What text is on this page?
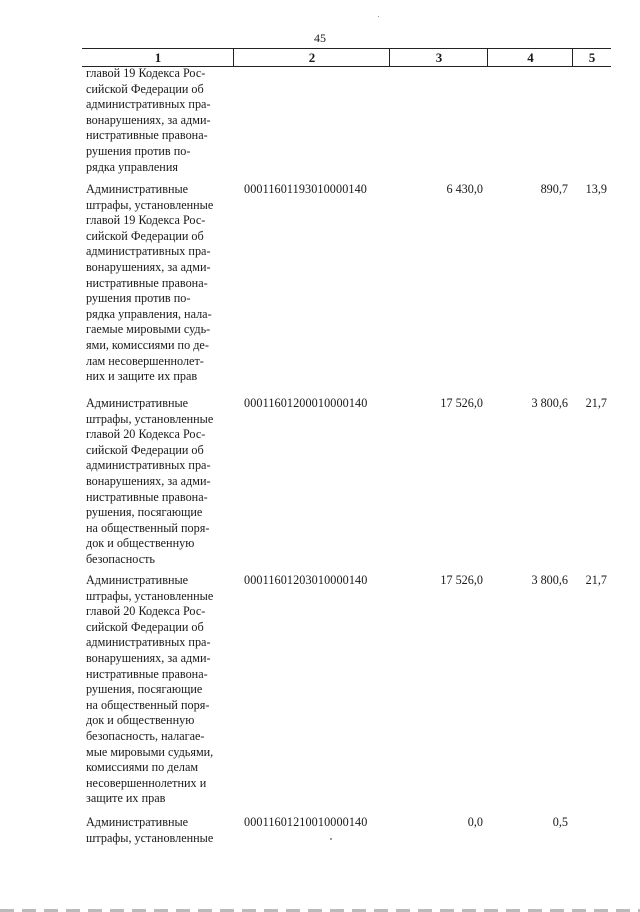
45
1	2	3	4	5
главой 19 Кодекса Рос-
сийской Федерации об
административных пра-
вонарушениях, за адми-
нистративные правона-
рушения против по-
рядка управления
Административные
штрафы, установленные
главой 19 Кодекса Рос-
сийской Федерации об
административных пра-
вонарушениях, за адми-
нистративные правона-
рушения против по-
рядка управления, нала-
гаемые мировыми судь-
ями, комиссиями по де-
лам несовершеннолет-
них и защите их прав
00011601193010000140	6 430,0	890,7	13,9
Административные
штрафы, установленные
главой 20 Кодекса Рос-
сийской Федерации об
административных пра-
вонарушениях, за адми-
нистративные правона-
рушения, посягающие
на общественный поря-
док и общественную
безопасность
00011601200010000140	17 526,0	3 800,6	21,7
Административные
штрафы, установленные
главой 20 Кодекса Рос-
сийской Федерации об
административных пра-
вонарушениях, за адми-
нистративные правона-
рушения, посягающие
на общественный поря-
док и общественную
безопасность, налагае-
мые мировыми судьями,
комиссиями по делам
несовершеннолетних и
защите их прав
00011601203010000140	17 526,0	3 800,6	21,7
Административные
штрафы, установленные
00011601210010000140	0,0	0,5
